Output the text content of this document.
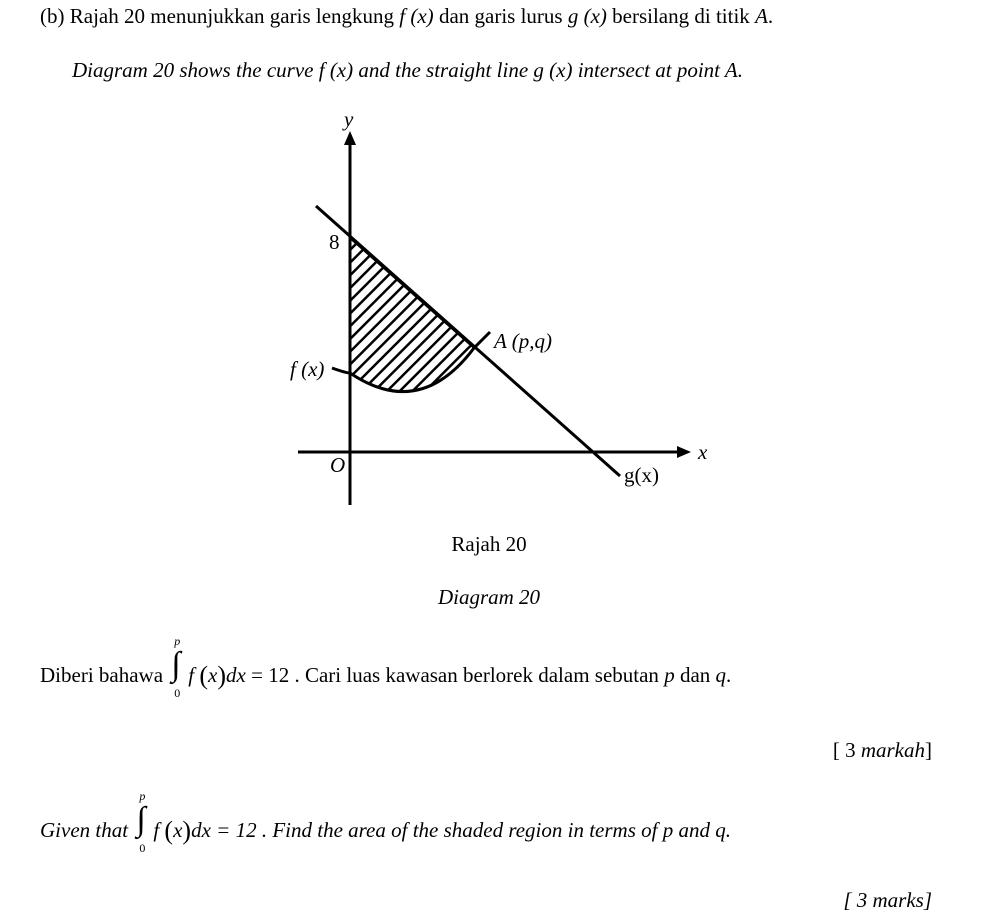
(b) Rajah 20 menunjukkan garis lengkung f (x) dan garis lurus g (x) bersilang di titik A.
Diagram 20 shows the curve f (x) and the straight line g (x) intersect at point A.
y
x
O
8
f (x)
g(x)
A (p,q)
Rajah 20
Diagram 20
Diberi bahawa ∫
p
0
f (x)dx = 12 . Cari luas kawasan berlorek dalam sebutan p dan q.
[ 3 markah]
Given that ∫
p
0
f (x)dx = 12 . Find the area of the shaded region in terms of p and q.
[ 3 marks]
